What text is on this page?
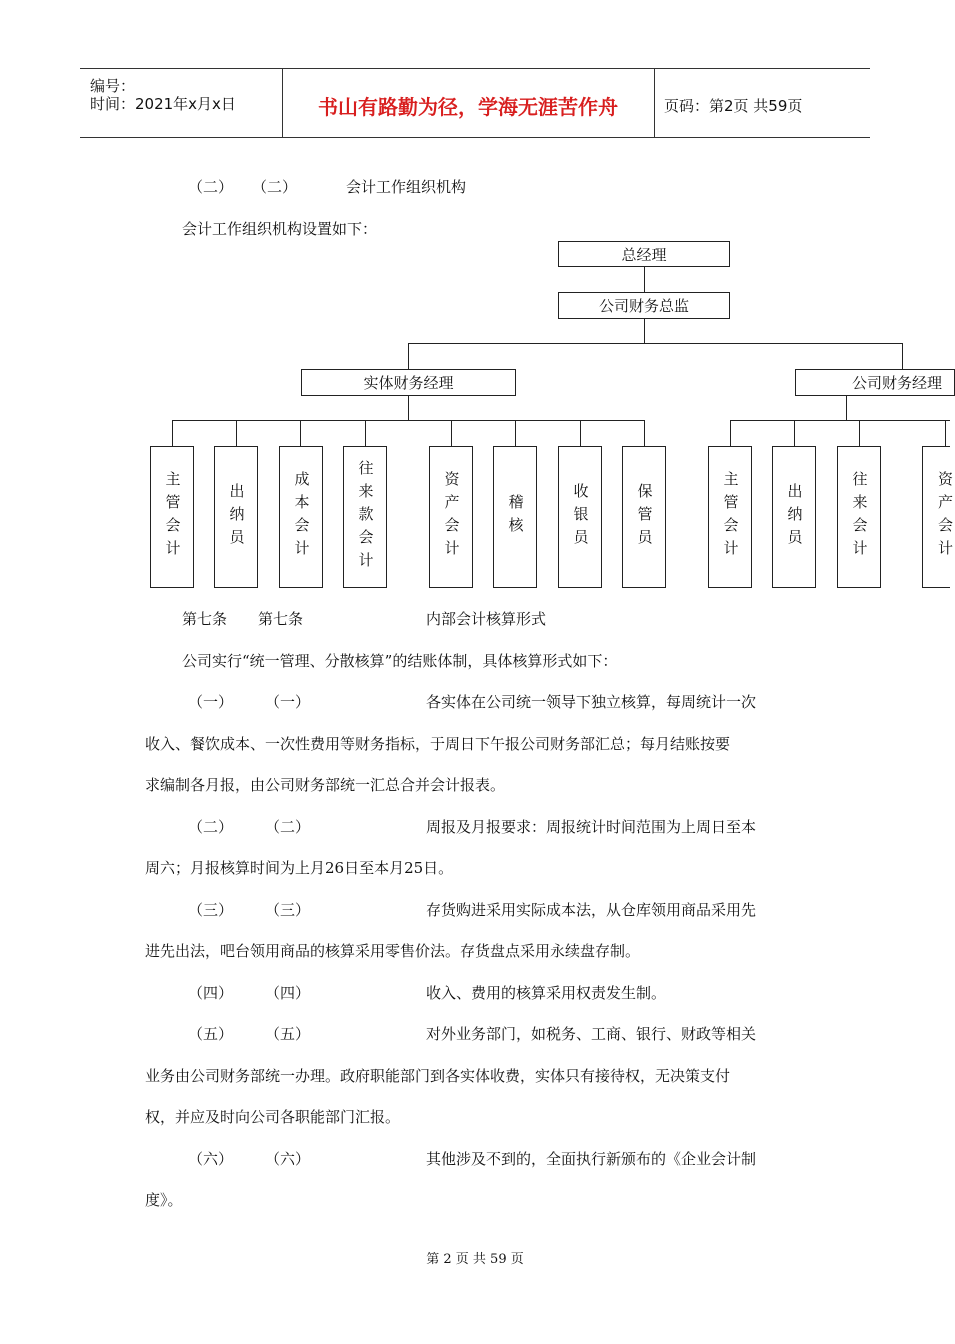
编号：
时间：2021年x月x日	书山有路勤为径，学海无涯苦作舟	页码：第2页 共59页
（二） （二）	会计工作组织机构
会计工作组织机构设置如下：
总经理
公司财务总监
实体财务经理	公司财务经理
主管会计	出纳员	成本会计	往来款会计	资产会计	稽核	收银员	保管员	主管会计	出纳员	往来会计	资产会计
第七条 第七条	内部会计核算形式
公司实行“统一管理、分散核算”的结账体制，具体核算形式如下：
（一） （一）	各实体在公司统一领导下独立核算，每周统计一次
收入、餐饮成本、一次性费用等财务指标，于周日下午报公司财务部汇总；每月结账按要
求编制各月报，由公司财务部统一汇总合并会计报表。
（二） （二）	周报及月报要求：周报统计时间范围为上周日至本
周六；月报核算时间为上月26日至本月25日。
（三） （三）	存货购进采用实际成本法，从仓库领用商品采用先
进先出法，吧台领用商品的核算采用零售价法。存货盘点采用永续盘存制。
（四） （四）	收入、费用的核算采用权责发生制。
（五） （五）	对外业务部门，如税务、工商、银行、财政等相关
业务由公司财务部统一办理。政府职能部门到各实体收费，实体只有接待权，无决策支付
权，并应及时向公司各职能部门汇报。
（六） （六）	其他涉及不到的，全面执行新颁布的《企业会计制
度》。
第 2 页 共 59 页
